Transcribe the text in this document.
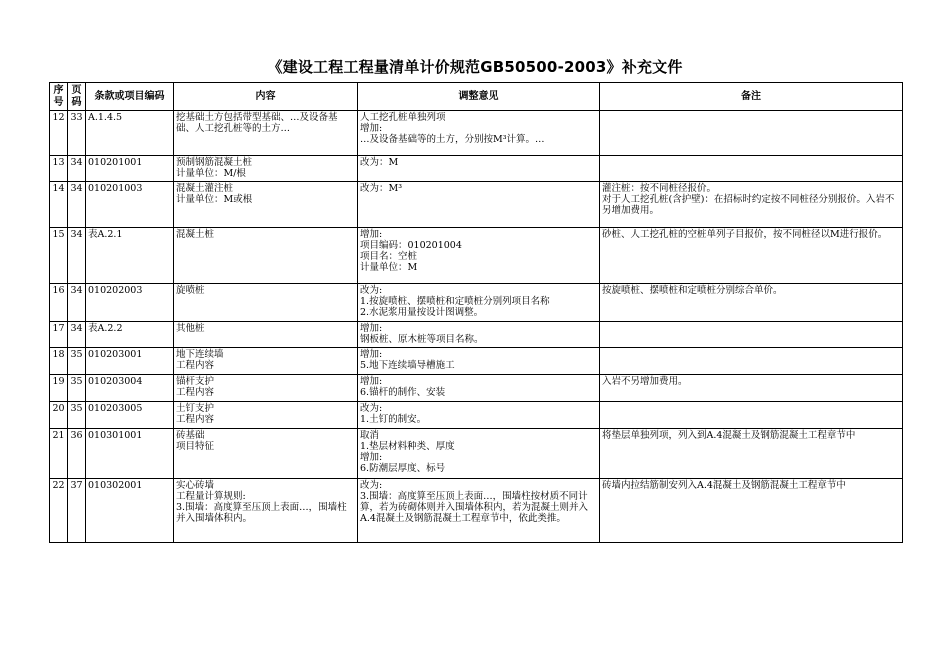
《建设工程工程量清单计价规范GB50500-2003》补充文件
序号	页码	条款或项目编码	内容	调整意见	备注
12	33	A.1.4.5	挖基础土方包括带型基础、…及设备基础、人工挖孔桩等的土方…	人工挖孔桩单独列项
增加:
…及设备基础等的土方，分别按M³计算。…	
13	34	010201001	预制钢筋混凝土桩
计量单位：M/根	改为：M	
14	34	010201003	混凝土灌注桩
计量单位：M或根	改为：M³	灌注桩：按不同桩径报价。
对于人工挖孔桩(含护壁)：在招标时约定按不同桩径分别报价。入岩不另增加费用。
15	34	表A.2.1	混凝土桩	增加:
项目编码：010201004
项目名：空桩
计量单位：M	砂桩、人工挖孔桩的空桩单列子目报价，按不同桩径以M进行报价。
16	34	010202003	旋喷桩	改为:
1.按旋喷桩、摆喷桩和定喷桩分别列项目名称
2.水泥浆用量按设计图调整。	按旋喷桩、摆喷桩和定喷桩分别综合单价。
17	34	表A.2.2	其他桩	增加:
钢板桩、原木桩等项目名称。	
18	35	010203001	地下连续墙
工程内容	增加:
5.地下连续墙导槽施工	
19	35	010203004	锚杆支护
工程内容	增加:
6.锚杆的制作、安装	入岩不另增加费用。
20	35	010203005	土钉支护
工程内容	改为:
1.土钉的制安。	
21	36	010301001	砖基础
项目特征	取消
1.垫层材料种类、厚度
增加:
6.防潮层厚度、标号	将垫层单独列项，列入到A.4混凝土及钢筋混凝土工程章节中
22	37	010302001	实心砖墙
工程量计算规则:
3.围墙：高度算至压顶上表面…，围墙柱并入围墙体积内。	改为:
3.围墙：高度算至压顶上表面…，围墙柱按材质不同计算，若为砖砌体则并入围墙体积内，若为混凝土则并入A.4混凝土及钢筋混凝土工程章节中，依此类推。	砖墙内拉结筋制安列入A.4混凝土及钢筋混凝土工程章节中
